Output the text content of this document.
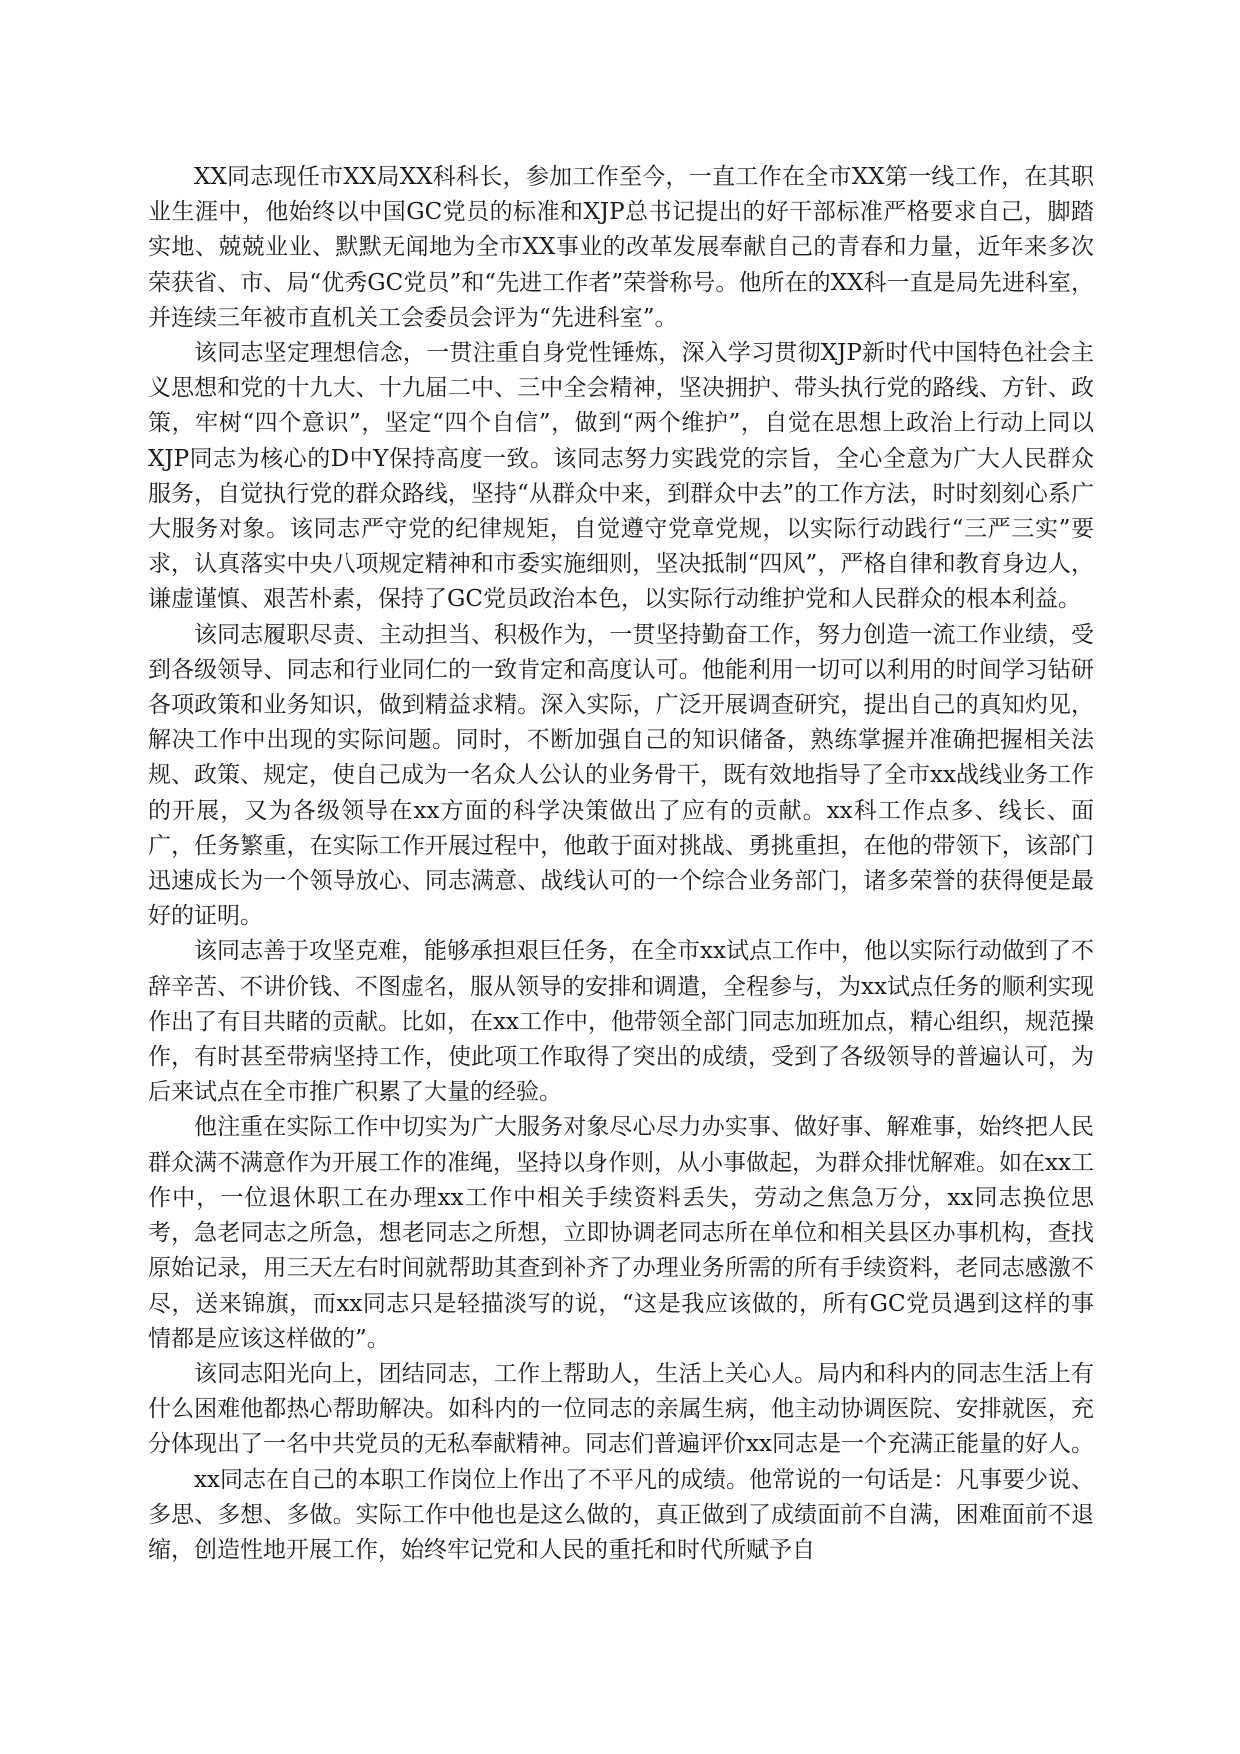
XX同志现任市XX局XX科科长，参加工作至今，一直工作在全市XX第一线工作，在其职业生涯中，他始终以中国GC党员的标准和XJP总书记提出的好干部标准严格要求自己，脚踏实地、兢兢业业、默默无闻地为全市XX事业的改革发展奉献自己的青春和力量，近年来多次荣获省、市、局“优秀GC党员”和“先进工作者”荣誉称号。他所在的XX科一直是局先进科室，并连续三年被市直机关工会委员会评为“先进科室”。

该同志坚定理想信念，一贯注重自身党性锤炼，深入学习贯彻XJP新时代中国特色社会主义思想和党的十九大、十九届二中、三中全会精神，坚决拥护、带头执行党的路线、方针、政策，牢树“四个意识”，坚定“四个自信”，做到“两个维护”，自觉在思想上政治上行动上同以XJP同志为核心的D中Y保持高度一致。该同志努力实践党的宗旨，全心全意为广大人民群众服务，自觉执行党的群众路线，坚持“从群众中来，到群众中去”的工作方法，时时刻刻心系广大服务对象。该同志严守党的纪律规矩，自觉遵守党章党规，以实际行动践行“三严三实”要求，认真落实中央八项规定精神和市委实施细则，坚决抵制“四风”，严格自律和教育身边人，谦虚谨慎、艰苦朴素，保持了GC党员政治本色，以实际行动维护党和人民群众的根本利益。

该同志履职尽责、主动担当、积极作为，一贯坚持勤奋工作，努力创造一流工作业绩，受到各级领导、同志和行业同仁的一致肯定和高度认可。他能利用一切可以利用的时间学习钻研各项政策和业务知识，做到精益求精。深入实际，广泛开展调查研究，提出自己的真知灼见，解决工作中出现的实际问题。同时，不断加强自己的知识储备，熟练掌握并准确把握相关法规、政策、规定，使自己成为一名众人公认的业务骨干，既有效地指导了全市xx战线业务工作的开展，又为各级领导在xx方面的科学决策做出了应有的贡献。xx科工作点多、线长、面广，任务繁重，在实际工作开展过程中，他敢于面对挑战、勇挑重担，在他的带领下，该部门迅速成长为一个领导放心、同志满意、战线认可的一个综合业务部门，诸多荣誉的获得便是最好的证明。

该同志善于攻坚克难，能够承担艰巨任务，在全市xx试点工作中，他以实际行动做到了不辞辛苦、不讲价钱、不图虚名，服从领导的安排和调遣，全程参与，为xx试点任务的顺利实现作出了有目共睹的贡献。比如，在xx工作中，他带领全部门同志加班加点，精心组织，规范操作，有时甚至带病坚持工作，使此项工作取得了突出的成绩，受到了各级领导的普遍认可，为后来试点在全市推广积累了大量的经验。

他注重在实际工作中切实为广大服务对象尽心尽力办实事、做好事、解难事，始终把人民群众满不满意作为开展工作的准绳，坚持以身作则，从小事做起，为群众排忧解难。如在xx工作中，一位退休职工在办理xx工作中相关手续资料丢失，劳动之焦急万分，xx同志换位思考，急老同志之所急，想老同志之所想，立即协调老同志所在单位和相关县区办事机构，查找原始记录，用三天左右时间就帮助其查到补齐了办理业务所需的所有手续资料，老同志感激不尽，送来锦旗，而xx同志只是轻描淡写的说，“这是我应该做的，所有GC党员遇到这样的事情都是应该这样做的”。

该同志阳光向上，团结同志，工作上帮助人，生活上关心人。局内和科内的同志生活上有什么困难他都热心帮助解决。如科内的一位同志的亲属生病，他主动协调医院、安排就医，充分体现出了一名中共党员的无私奉献精神。同志们普遍评价xx同志是一个充满正能量的好人。

xx同志在自己的本职工作岗位上作出了不平凡的成绩。他常说的一句话是：凡事要少说、多思、多想、多做。实际工作中他也是这么做的，真正做到了成绩面前不自满，困难面前不退缩，创造性地开展工作，始终牢记党和人民的重托和时代所赋予自
